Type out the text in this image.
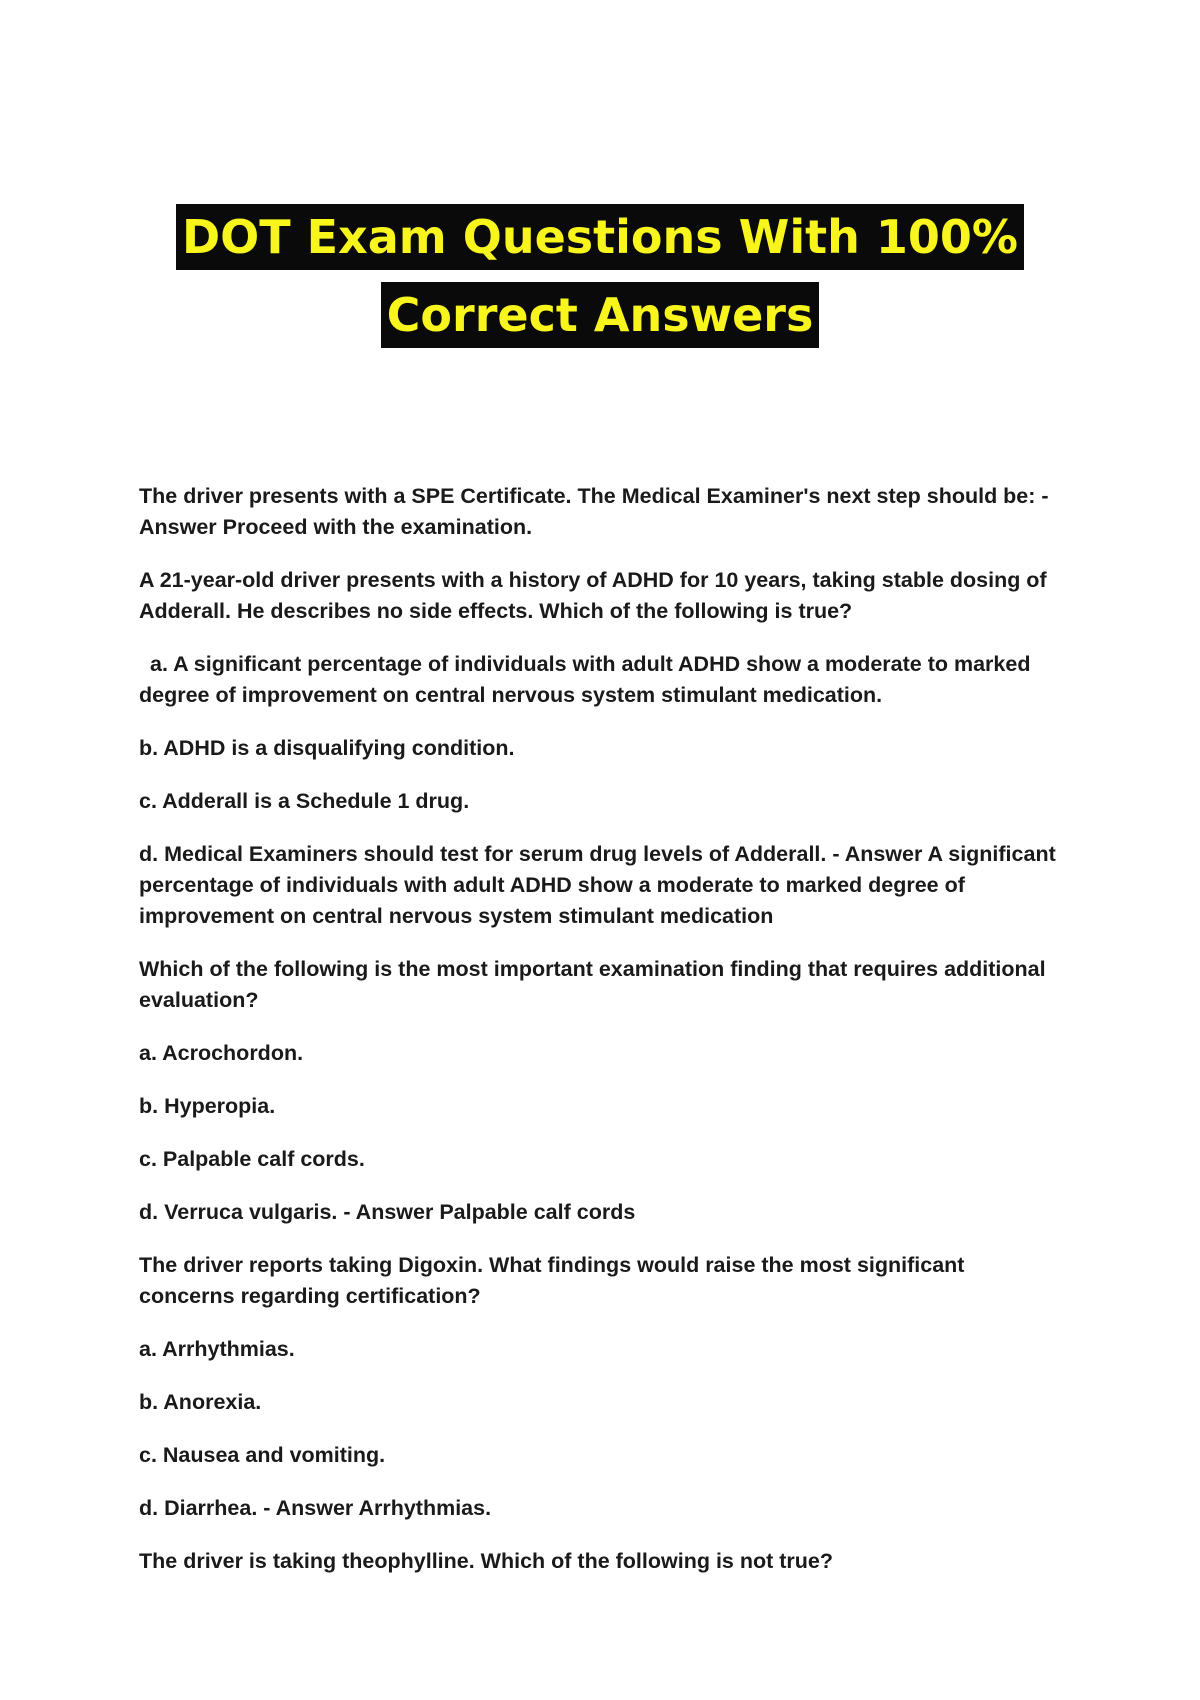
DOT Exam Questions With 100%
Correct Answers

The driver presents with a SPE Certificate. The Medical Examiner's next step should be: - Answer Proceed with the examination.

A 21-year-old driver presents with a history of ADHD for 10 years, taking stable dosing of Adderall. He describes no side effects. Which of the following is true?

a. A significant percentage of individuals with adult ADHD show a moderate to marked degree of improvement on central nervous system stimulant medication.

b. ADHD is a disqualifying condition.

c. Adderall is a Schedule 1 drug.

d. Medical Examiners should test for serum drug levels of Adderall. - Answer A significant percentage of individuals with adult ADHD show a moderate to marked degree of improvement on central nervous system stimulant medication

Which of the following is the most important examination finding that requires additional evaluation?

a. Acrochordon.

b. Hyperopia.

c. Palpable calf cords.

d. Verruca vulgaris. - Answer Palpable calf cords

The driver reports taking Digoxin. What findings would raise the most significant concerns regarding certification?

a. Arrhythmias.

b. Anorexia.

c. Nausea and vomiting.

d. Diarrhea. - Answer Arrhythmias.

The driver is taking theophylline. Which of the following is not true?
